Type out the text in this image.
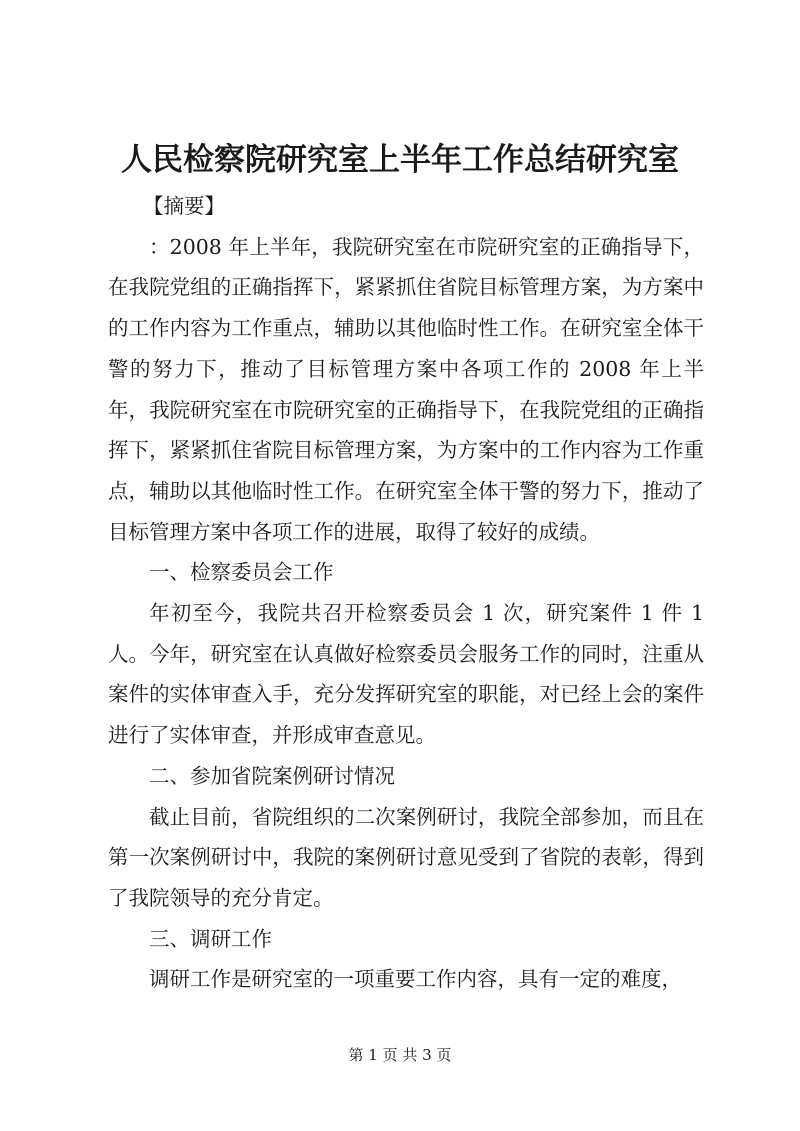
人民检察院研究室上半年工作总结研究室

【摘要】

：2008 年上半年，我院研究室在市院研究室的正确指导下，在我院党组的正确指挥下，紧紧抓住省院目标管理方案，为方案中的工作内容为工作重点，辅助以其他临时性工作。在研究室全体干警的努力下，推动了目标管理方案中各项工作的 2008 年上半年，我院研究室在市院研究室的正确指导下，在我院党组的正确指挥下，紧紧抓住省院目标管理方案，为方案中的工作内容为工作重点，辅助以其他临时性工作。在研究室全体干警的努力下，推动了目标管理方案中各项工作的进展，取得了较好的成绩。

一、检察委员会工作

年初至今，我院共召开检察委员会 1 次，研究案件 1 件 1 人。今年，研究室在认真做好检察委员会服务工作的同时，注重从案件的实体审查入手，充分发挥研究室的职能，对已经上会的案件进行了实体审查，并形成审查意见。

二、参加省院案例研讨情况

截止目前，省院组织的二次案例研讨，我院全部参加，而且在第一次案例研讨中，我院的案例研讨意见受到了省院的表彰，得到了我院领导的充分肯定。

三、调研工作

调研工作是研究室的一项重要工作内容，具有一定的难度，

第 1 页 共 3 页
